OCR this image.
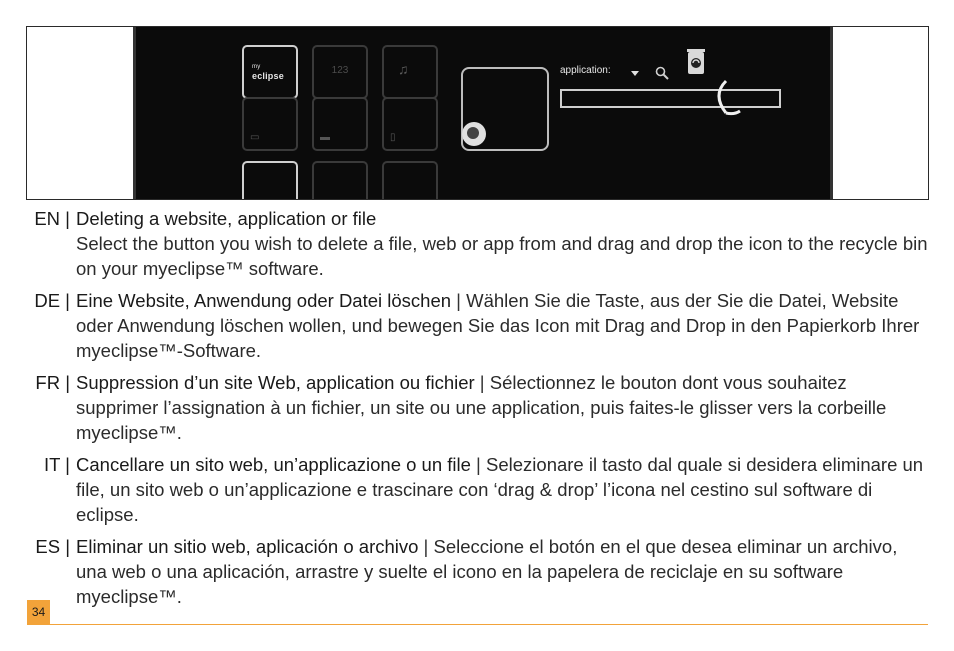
my
eclipse	123	♫
▭	▬	▯
application:
EN | Deleting a website, application or file
Select the button you wish to delete a file, web or app from and drag and drop the icon to the recycle bin on your myeclipse™ software.
DE | Eine Website, Anwendung oder Datei löschen | Wählen Sie die Taste, aus der Sie die Datei, Website oder Anwendung löschen wollen, und bewegen Sie das Icon mit Drag and Drop in den Papierkorb Ihrer myeclipse™-Software.
FR | Suppression d’un site Web, application ou fichier | Sélectionnez le bouton dont vous souhaitez supprimer l’assignation à un fichier, un site ou une application, puis faites-le glisser vers la corbeille myeclipse™.
IT | Cancellare un sito web, un’applicazione o un file | Selezionare il tasto dal quale si desidera eliminare un file, un sito web o un’applicazione e trascinare con ‘drag & drop’ l’icona nel cestino sul software di eclipse.
ES | Eliminar un sitio web, aplicación o archivo | Seleccione el botón en el que desea eliminar un archivo, una web o una aplicación, arrastre y suelte el icono en la papelera de reciclaje en su software myeclipse™.
34
